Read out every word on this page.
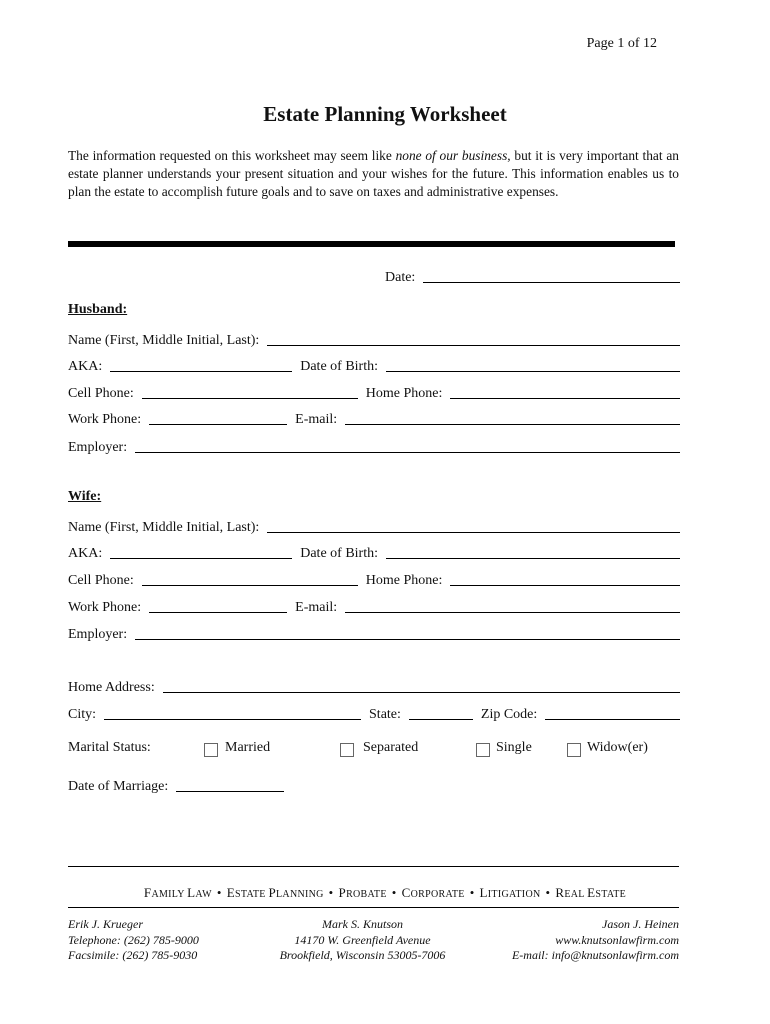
Page 1 of 12
Estate Planning Worksheet
The information requested on this worksheet may seem like none of our business, but it is very important that an estate planner understands your present situation and your wishes for the future. This information enables us to plan the estate to accomplish future goals and to save on taxes and administrative expenses.
Date:
Husband:
Name (First, Middle Initial, Last):
AKA:	Date of Birth:
Cell Phone:	Home Phone:
Work Phone:	E-mail:
Employer:
Wife:
Name (First, Middle Initial, Last):
AKA:	Date of Birth:
Cell Phone:	Home Phone:
Work Phone:	E-mail:
Employer:
Home Address:
City:	State:	Zip Code:
Marital Status:	Married	Separated	Single	Widow(er)
Date of Marriage:
FAMILY LAW • ESTATE PLANNING • PROBATE • CORPORATE • LITIGATION • REAL ESTATE
Erik J. Krueger
Telephone: (262) 785-9000
Facsimile: (262) 785-9030
Mark S. Knutson
14170 W. Greenfield Avenue
Brookfield, Wisconsin 53005-7006
Jason J. Heinen
www.knutsonlawfirm.com
E-mail: info@knutsonlawfirm.com
